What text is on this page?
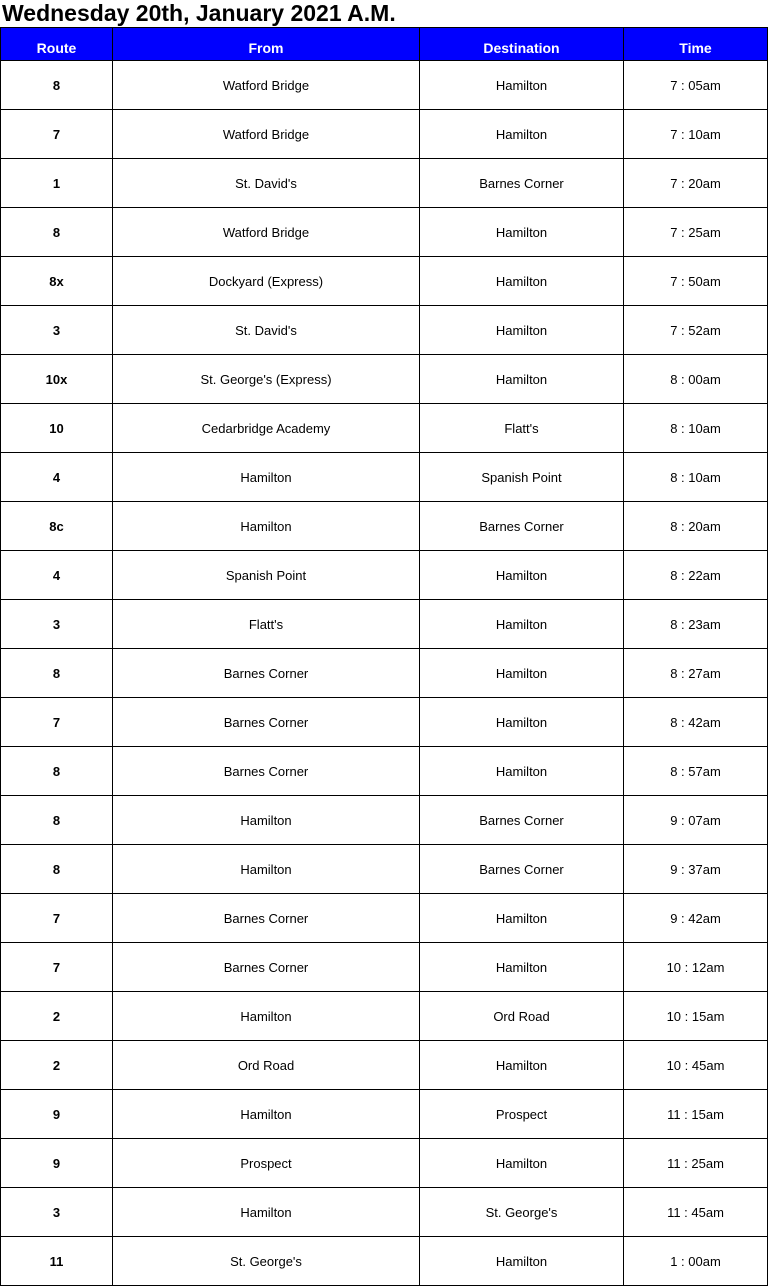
Wednesday 20th, January 2021 A.M.
Route	From	Destination	Time
8	Watford Bridge	Hamilton	7 : 05am
7	Watford Bridge	Hamilton	7 : 10am
1	St. David's	Barnes Corner	7 : 20am
8	Watford Bridge	Hamilton	7 : 25am
8x	Dockyard (Express)	Hamilton	7 : 50am
3	St. David's	Hamilton	7 : 52am
10x	St. George's (Express)	Hamilton	8 : 00am
10	Cedarbridge Academy	Flatt's	8 : 10am
4	Hamilton	Spanish Point	8 : 10am
8c	Hamilton	Barnes Corner	8 : 20am
4	Spanish Point	Hamilton	8 : 22am
3	Flatt's	Hamilton	8 : 23am
8	Barnes Corner	Hamilton	8 : 27am
7	Barnes Corner	Hamilton	8 : 42am
8	Barnes Corner	Hamilton	8 : 57am
8	Hamilton	Barnes Corner	9 : 07am
8	Hamilton	Barnes Corner	9 : 37am
7	Barnes Corner	Hamilton	9 : 42am
7	Barnes Corner	Hamilton	10 : 12am
2	Hamilton	Ord Road	10 : 15am
2	Ord Road	Hamilton	10 : 45am
9	Hamilton	Prospect	11 : 15am
9	Prospect	Hamilton	11 : 25am
3	Hamilton	St. George's	11 : 45am
11	St. George's	Hamilton	1 : 00am
